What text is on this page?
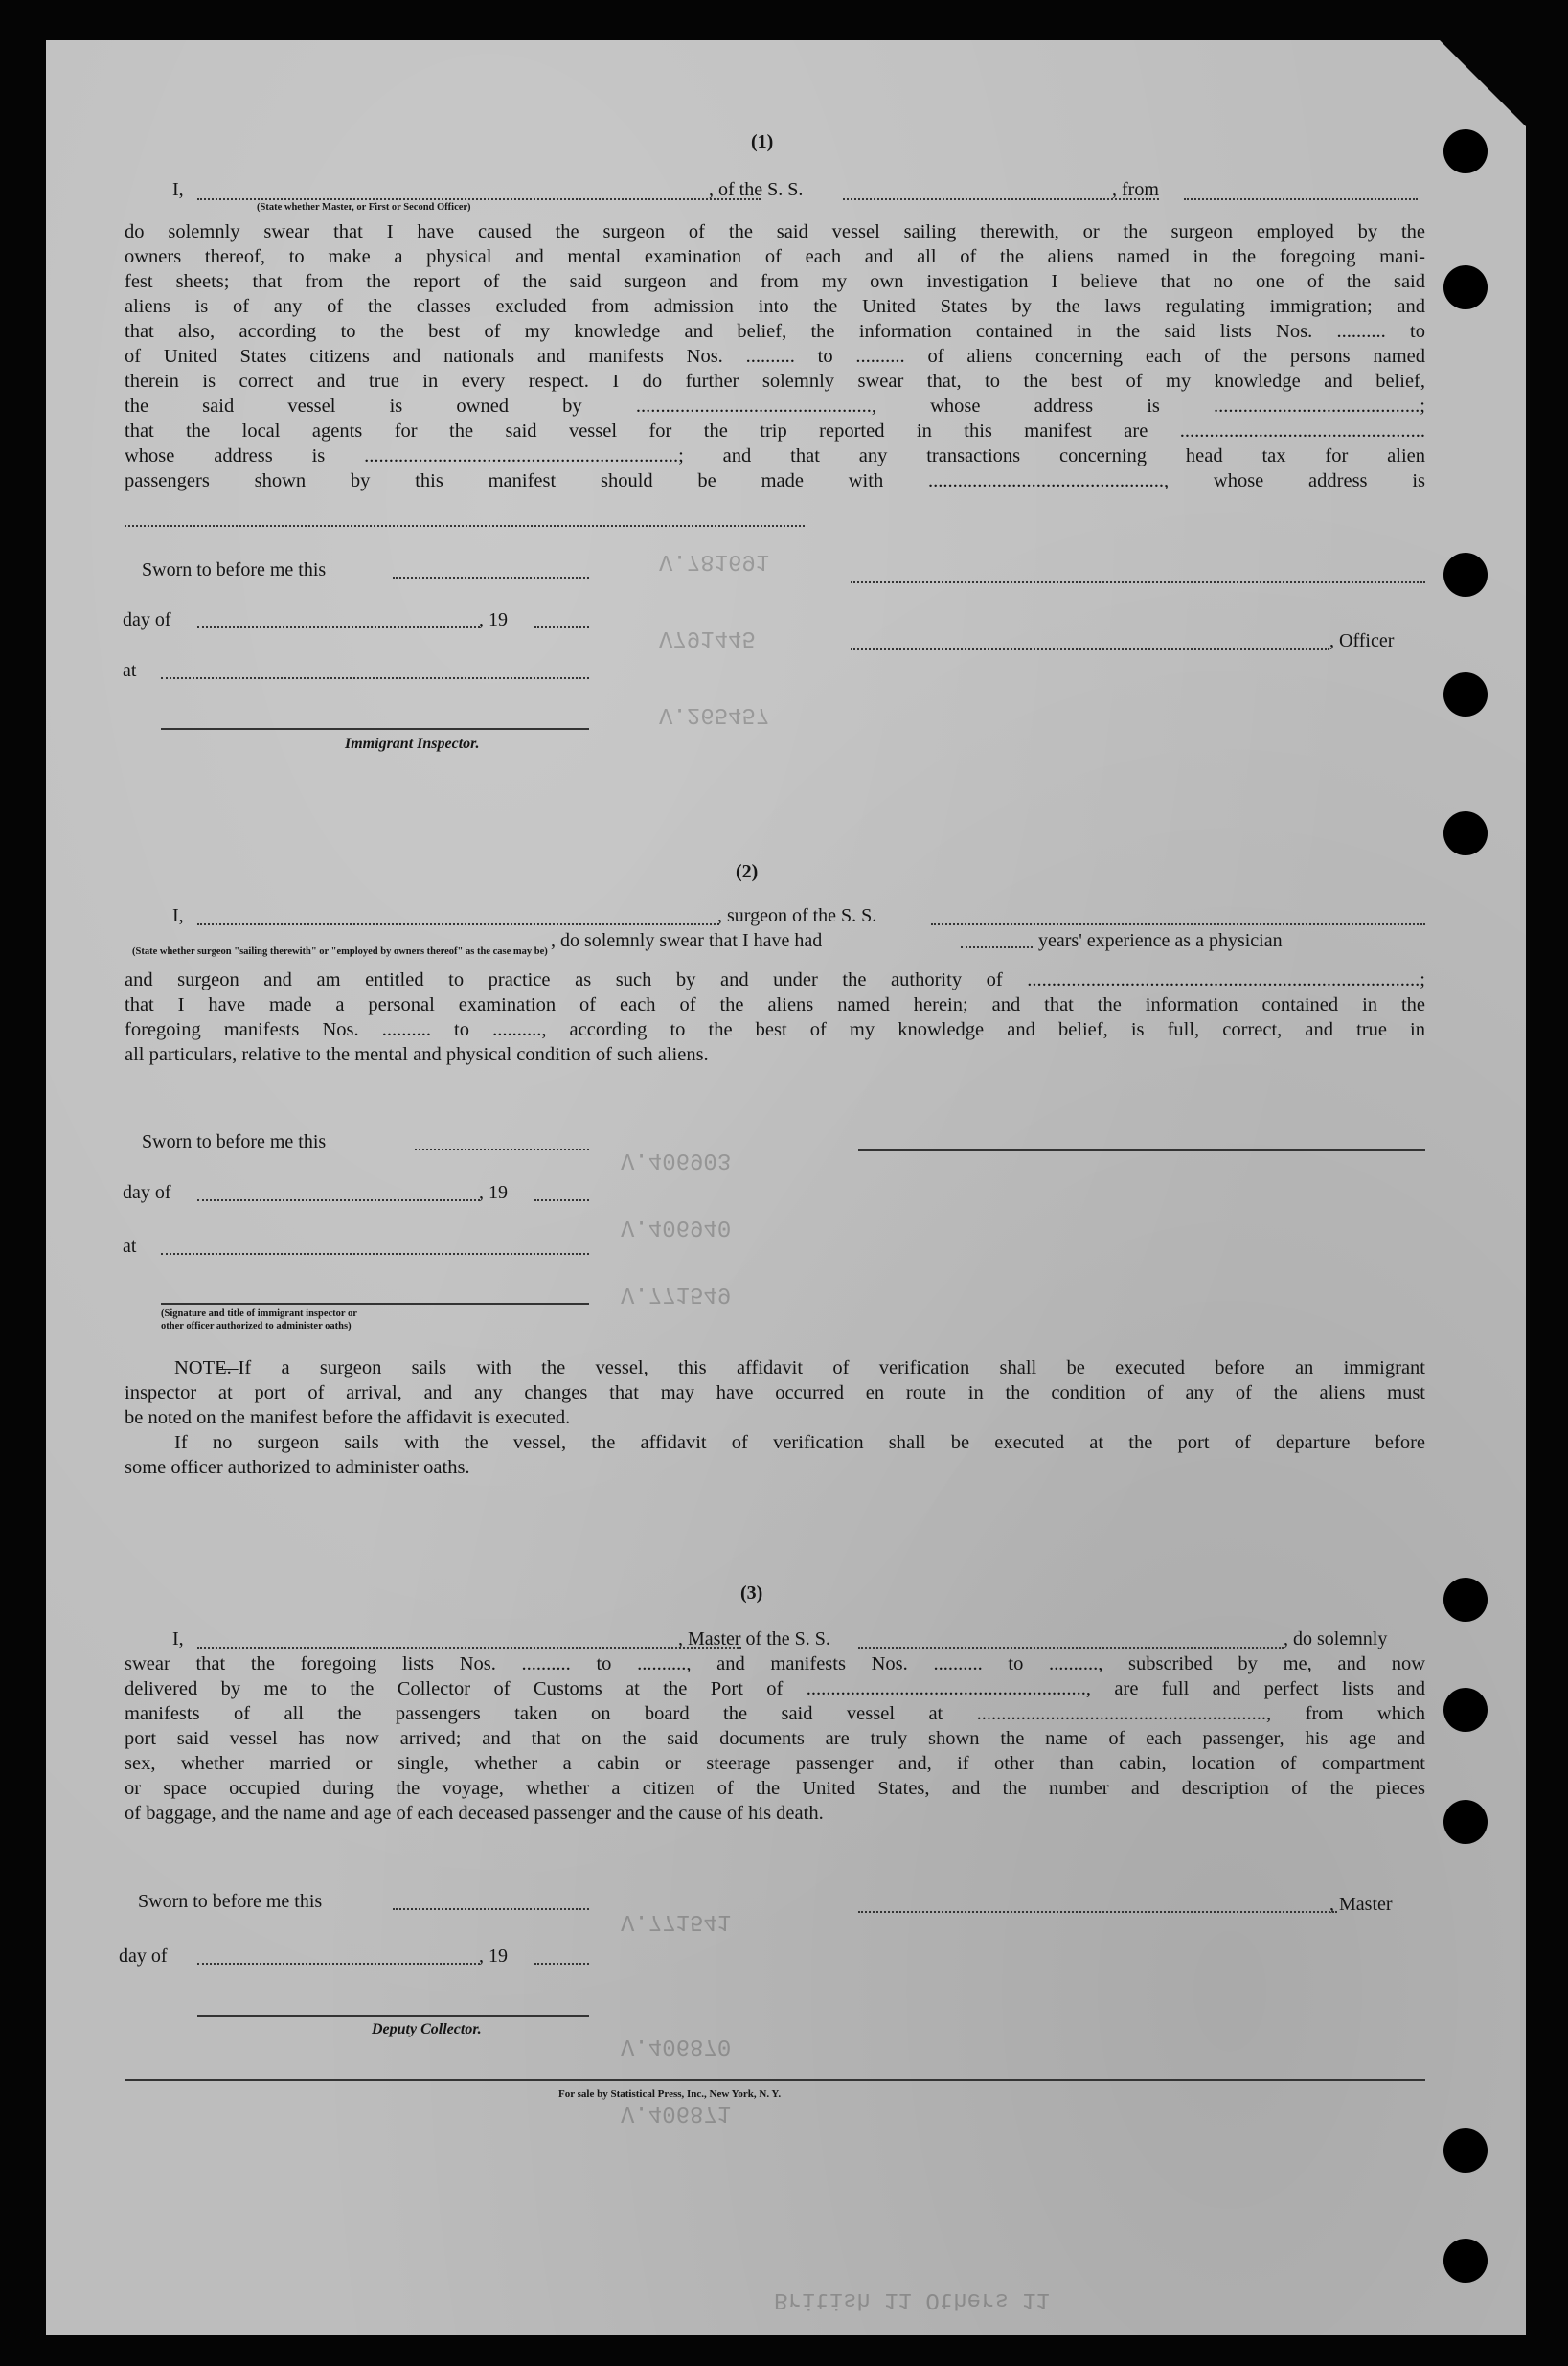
V.781691
V791445
V.265457
V.406903
V.406940
V.771549
V.771541
V.406870
V.406871
British 11 Others 11
(1)
I,	, of the S. S.	, from
(State whether Master, or First or Second Officer)
do solemnly swear that I have caused the surgeon of the said vessel sailing therewith, or the surgeon employed by the
owners thereof, to make a physical and mental examination of each and all of the aliens named in the foregoing mani-
fest sheets; that from the report of the said surgeon and from my own investigation I believe that no one of the said
aliens is of any of the classes excluded from admission into the United States by the laws regulating immigration; and
that also, according to the best of my knowledge and belief, the information contained in the said lists Nos. .......... to
of United States citizens and nationals and manifests Nos. .......... to .......... of aliens concerning each of the persons named
therein is correct and true in every respect. I do further solemnly swear that, to the best of my knowledge and belief,
the said vessel is owned by ................................................, whose address is ..........................................;
that the local agents for the said vessel for the trip reported in this manifest are ..................................................
whose address is ................................................................; and that any transactions concerning head tax for alien
passengers shown by this manifest should be made with ................................................, whose address is
Sworn to before me this
day of	, 19
, Officer
at
Immigrant Inspector.
(2)
I,	, surgeon of the S. S.
(State whether surgeon "sailing therewith" or "employed by owners thereof" as the case may be)
, do solemnly swear that I have had	years' experience as a physician
and surgeon and am entitled to practice as such by and under the authority of ................................................................................;
that I have made a personal examination of each of the aliens named herein; and that the information contained in the
foregoing manifests Nos. .......... to .........., according to the best of my knowledge and belief, is full, correct, and true in
all particulars, relative to the mental and physical condition of such aliens.
Sworn to before me this
day of	, 19
at
(Signature and title of immigrant inspector or
other officer authorized to administer oaths)
NOTE.
—If a surgeon sails with the vessel, this affidavit of verification shall be executed before an immigrant
inspector at port of arrival, and any changes that may have occurred en route in the condition of any of the aliens must
be noted on the manifest before the affidavit is executed.
If no surgeon sails with the vessel, the affidavit of verification shall be executed at the port of departure before
some officer authorized to administer oaths.
(3)
I,	, Master of the S. S.	, do solemnly
swear that the foregoing lists Nos. .......... to .........., and manifests Nos. .......... to .........., subscribed by me, and now
delivered by me to the Collector of Customs at the Port of ........................................................., are full and perfect lists and
manifests of all the passengers taken on board the said vessel at ..........................................................., from which
port said vessel has now arrived; and that on the said documents are truly shown the name of each passenger, his age and
sex, whether married or single, whether a cabin or steerage passenger and, if other than cabin, location of compartment
or space occupied during the voyage, whether a citizen of the United States, and the number and description of the pieces
of baggage, and the name and age of each deceased passenger and the cause of his death.
Sworn to before me this	, Master
day of	, 19
Deputy Collector.
For sale by Statistical Press, Inc., New York, N. Y.
